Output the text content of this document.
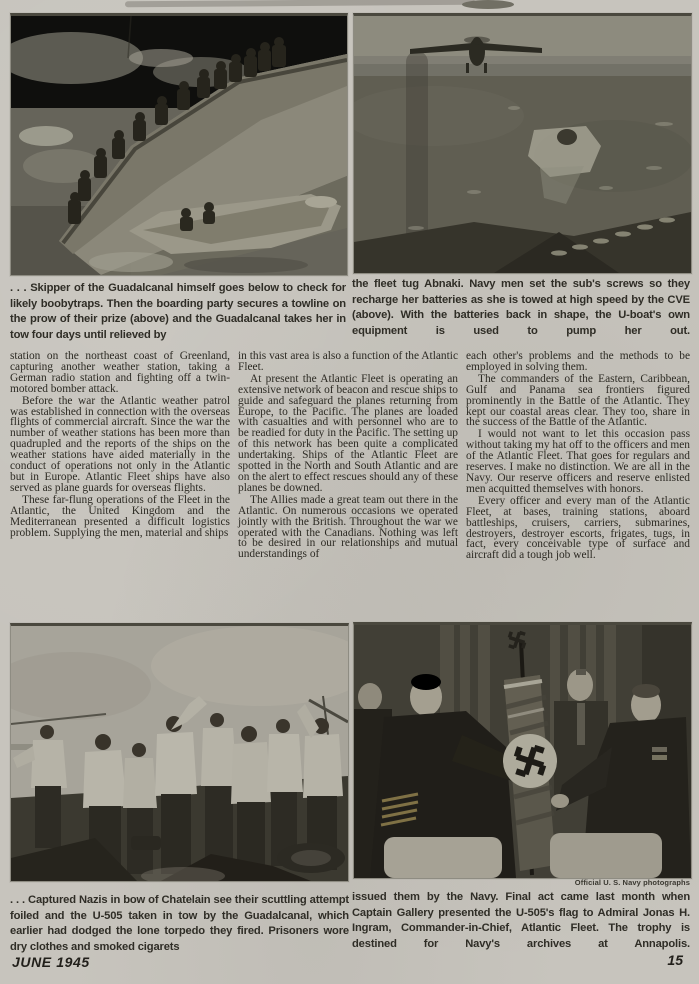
. . . Skipper of the Guadalcanal himself goes below to check for likely boobytraps. Then the boarding party secures a towline on the prow of their prize (above) and the Guadalcanal takes her in tow four days until relieved by
the fleet tug Abnaki. Navy men set the sub's screws so they recharge her batteries as she is towed at high speed by the CVE (above). With the batteries back in shape, the U-boat's own equipment is used to pump her out.

station on the northeast coast of Greenland, capturing another weather station, taking a German radio station and fighting off a twin-motored bomber attack.

Before the war the Atlantic weather patrol was established in connection with the overseas flights of commercial aircraft. Since the war the number of weather stations has been more than quadrupled and the reports of the ships on the weather stations have aided materially in the conduct of operations not only in the Atlantic but in Europe. Atlantic Fleet ships have also served as plane guards for overseas flights.

These far-flung operations of the Fleet in the Atlantic, the United Kingdom and the Mediterranean presented a difficult logistics problem. Supplying the men, material and ships

in this vast area is also a function of the Atlantic Fleet.

At present the Atlantic Fleet is operating an extensive network of beacon and rescue ships to guide and safeguard the planes returning from Europe, to the Pacific. The planes are loaded with casualties and with personnel who are to be readied for duty in the Pacific. The setting up of this network has been quite a complicated undertaking. Ships of the Atlantic Fleet are spotted in the North and South Atlantic and are on the alert to effect rescues should any of these planes be downed.

The Allies made a great team out there in the Atlantic. On numerous occasions we operated jointly with the British. Throughout the war we operated with the Canadians. Nothing was left to be desired in our relationships and mutual understandings of

each other's problems and the methods to be employed in solving them.

The commanders of the Eastern, Caribbean, Gulf and Panama sea frontiers figured prominently in the Battle of the Atlantic. They kept our coastal areas clear. They too, share in the success of the Battle of the Atlantic.

I would not want to let this occasion pass without taking my hat off to the officers and men of the Atlantic Fleet. That goes for regulars and reserves. I make no distinction. We are all in the Navy. Our reserve officers and reserve enlisted men acquitted themselves with honors.

Every officer and every man of the Atlantic Fleet, at bases, training stations, aboard battleships, cruisers, carriers, submarines, destroyers, destroyer escorts, frigates, tugs, in fact, every conceivable type of surface and aircraft did a tough job well.

Official U. S. Navy photographs
. . . Captured Nazis in bow of Chatelain see their scuttling attempt foiled and the U-505 taken in tow by the Guadalcanal, which earlier had dodged the lone torpedo they fired. Prisoners wore dry clothes and smoked cigarets
issued them by the Navy. Final act came last month when Captain Gallery presented the U-505's flag to Admiral Jonas H. Ingram, Commander-in-Chief, Atlantic Fleet. The trophy is destined for Navy's archives at Annapolis.
JUNE 1945	15
